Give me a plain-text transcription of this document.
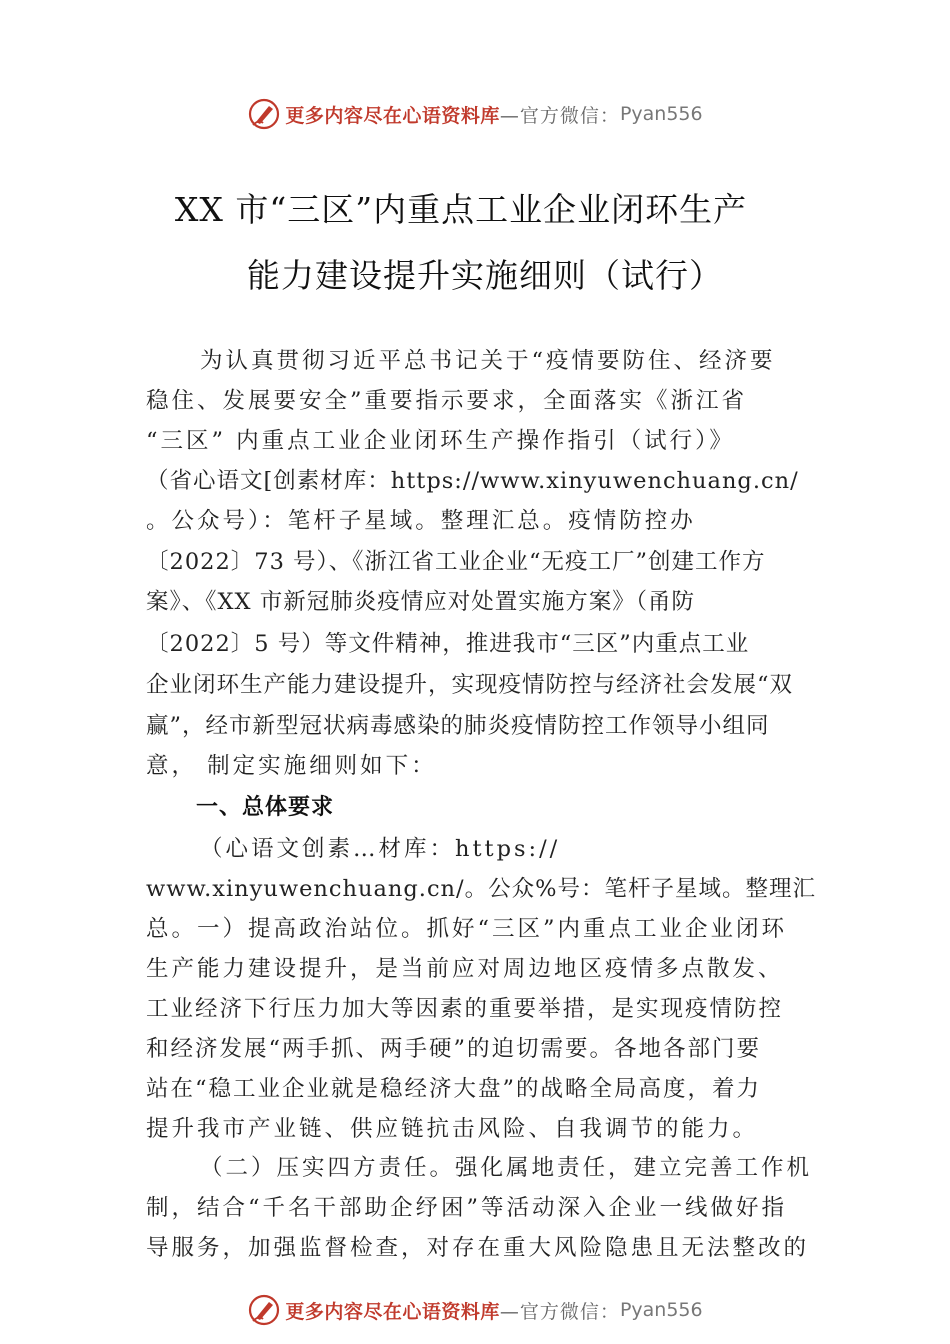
更多内容尽在心语资料库 —官方微信： Pyan556
XX 市“三区”内重点工业企业闭环生产
能力建设提升实施细则（试行）
为认真贯彻习近平总书记关于“疫情要防住、经济要
稳住、发展要安全”重要指示要求，全面落实《浙江省
“三区” 内重点工业企业闭环生产操作指引（试行）》
（省心语文[创素材库：https://www.xinyuwenchuang.cn/
。公众号）：笔杆子星域。整理汇总。疫情防控办
〔2022〕73 号）、《浙江省工业企业“无疫工厂”创建工作方
案》、《XX 市新冠肺炎疫情应对处置实施方案》（甬防
〔2022〕5 号）等文件精神，推进我市“三区”内重点工业
企业闭环生产能力建设提升，实现疫情防控与经济社会发展“双
赢”，经市新型冠状病毒感染的肺炎疫情防控工作领导小组同
意， 制定实施细则如下：
一、总体要求
（心语文创素…材库：https://
www.xinyuwenchuang.cn/。公众%号：笔杆子星域。整理汇
总。一）提高政治站位。抓好“三区”内重点工业企业闭环
生产能力建设提升，是当前应对周边地区疫情多点散发、
工业经济下行压力加大等因素的重要举措，是实现疫情防控
和经济发展“两手抓、两手硬”的迫切需要。各地各部门要
站在“稳工业企业就是稳经济大盘”的战略全局高度，着力
提升我市产业链、供应链抗击风险、自我调节的能力。
（二）压实四方责任。强化属地责任，建立完善工作机
制，结合“千名干部助企纾困”等活动深入企业一线做好指
导服务，加强监督检查，对存在重大风险隐患且无法整改的
更多内容尽在心语资料库 —官方微信： Pyan556
